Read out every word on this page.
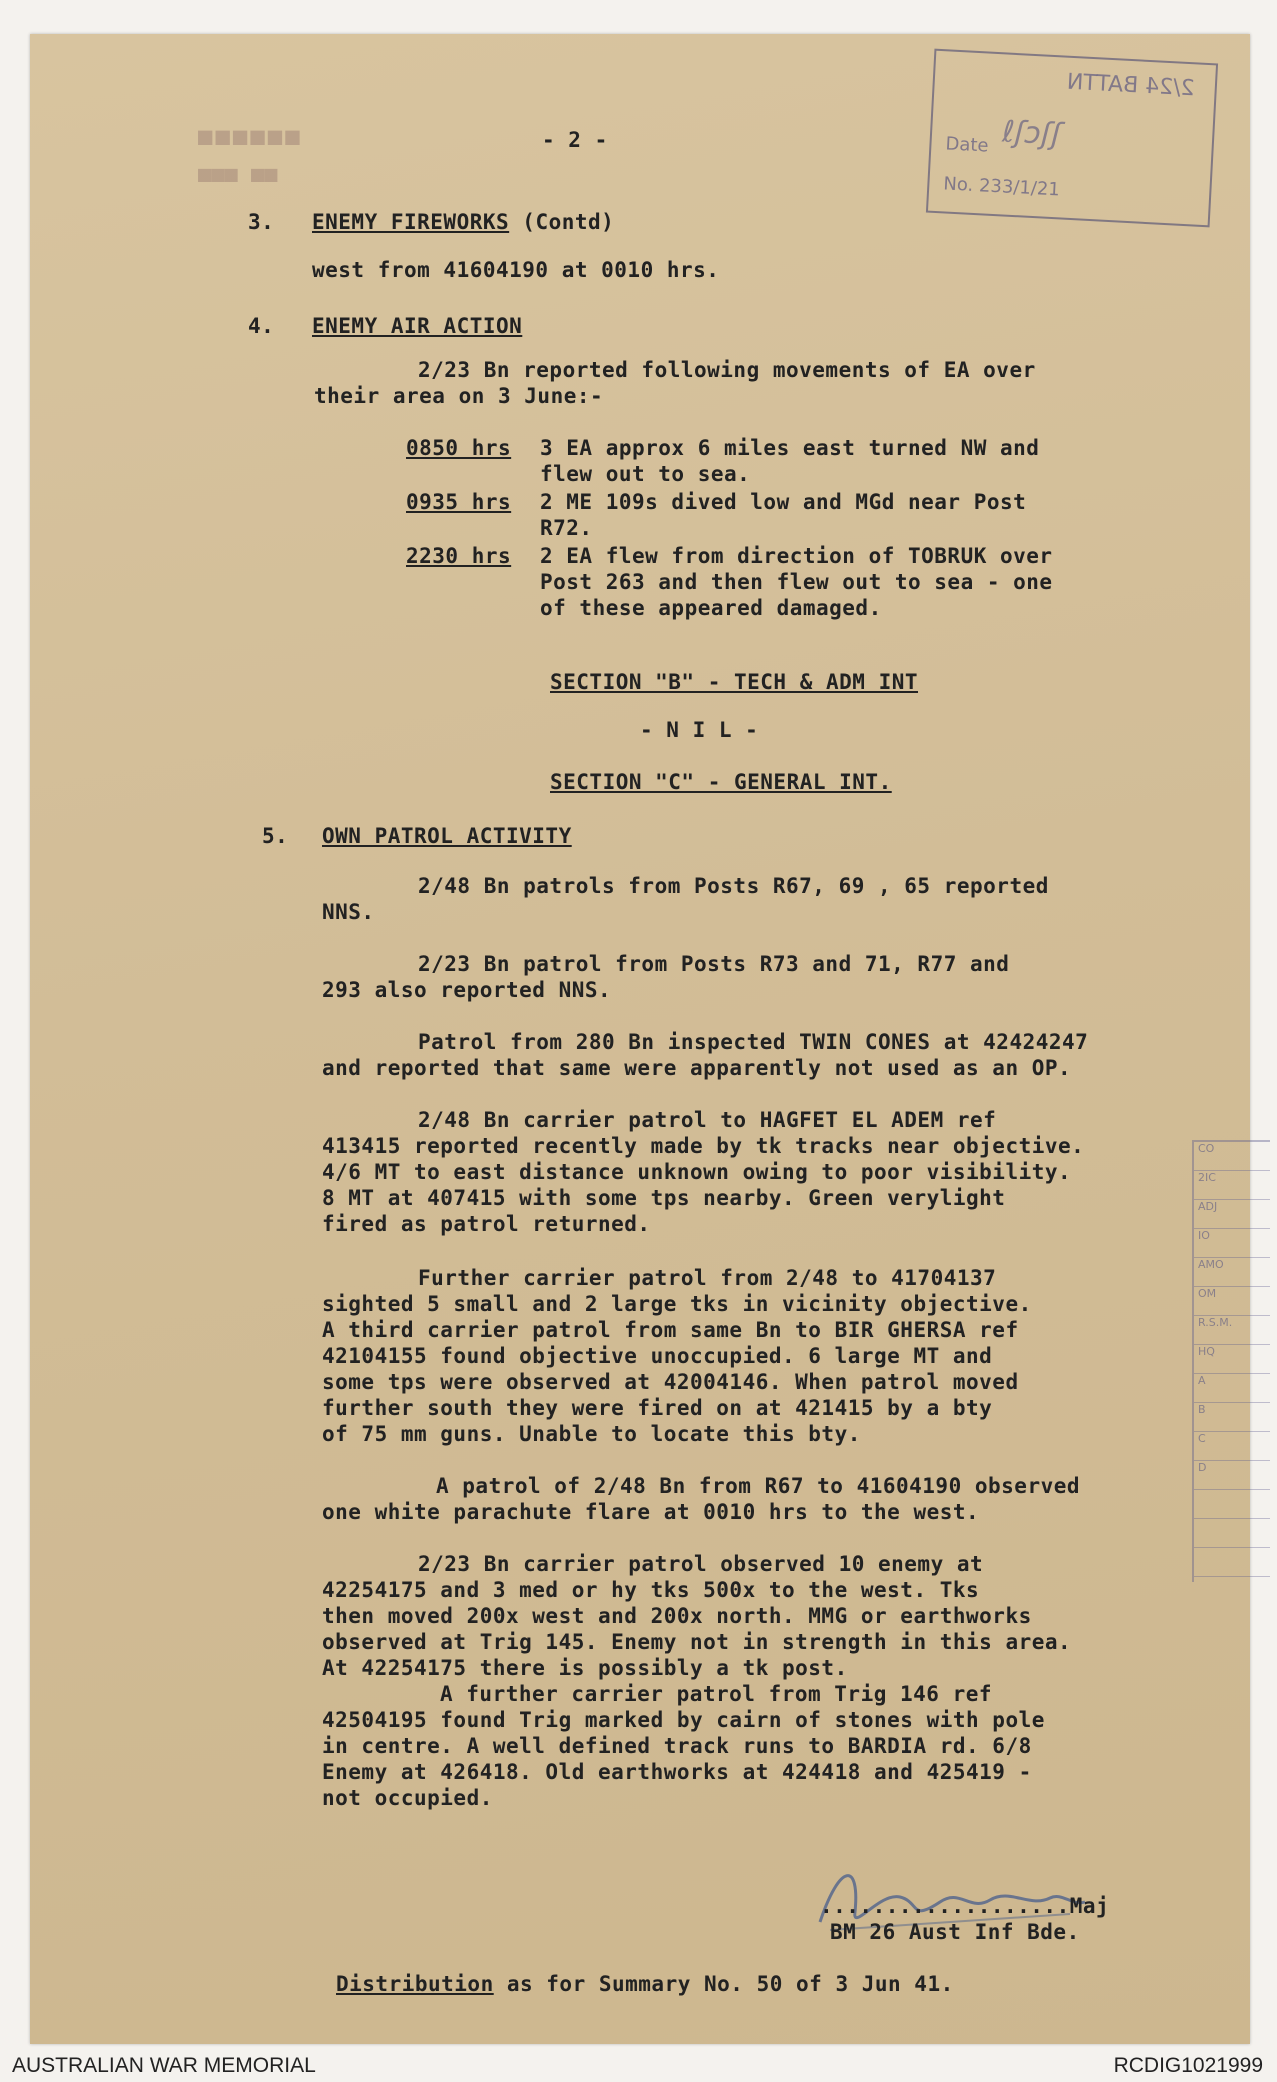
■■■■■■
■■■ ■■
2/24 BATTN
ℓʃɔʃʃ
Date
No. 233/1/21
CO
2IC
ADJ
IO
AMO
OM
R.S.M.
HQ
A
B
C
D
- 2 -
3. ENEMY FIREWORKS (Contd)
west from 41604190 at 0010 hrs.
4. ENEMY AIR ACTION
2/23 Bn reported following movements of EA over
their area on 3 June:-
0850 hrs 3 EA approx 6 miles east turned NW and
flew out to sea.
0935 hrs 2 ME 109s dived low and MGd near Post
R72.
2230 hrs 2 EA flew from direction of TOBRUK over
Post 263 and then flew out to sea - one
of these appeared damaged.
SECTION "B" - TECH & ADM INT
- N I L -
SECTION "C" - GENERAL INT.
5. OWN PATROL ACTIVITY
2/48 Bn patrols from Posts R67, 69 , 65 reported
NNS.
2/23 Bn patrol from Posts R73 and 71, R77 and
293 also reported NNS.
Patrol from 280 Bn inspected TWIN CONES at 42424247
and reported that same were apparently not used as an OP.
2/48 Bn carrier patrol to HAGFET EL ADEM ref
413415 reported recently made by tk tracks near objective.
4/6 MT to east distance unknown owing to poor visibility.
8 MT at 407415 with some tps nearby. Green verylight
fired as patrol returned.
Further carrier patrol from 2/48 to 41704137
sighted 5 small and 2 large tks in vicinity objective.
A third carrier patrol from same Bn to BIR GHERSA ref
42104155 found objective unoccupied. 6 large MT and
some tps were observed at 42004146. When patrol moved
further south they were fired on at 421415 by a bty
of 75 mm guns. Unable to locate this bty.
A patrol of 2/48 Bn from R67 to 41604190 observed
one white parachute flare at 0010 hrs to the west.
2/23 Bn carrier patrol observed 10 enemy at
42254175 and 3 med or hy tks 500x to the west. Tks
then moved 200x west and 200x north. MMG or earthworks
observed at Trig 145. Enemy not in strength in this area.
At 42254175 there is possibly a tk post.
A further carrier patrol from Trig 146 ref
42504195 found Trig marked by cairn of stones with pole
in centre. A well defined track runs to BARDIA rd. 6/8
Enemy at 426418. Old earthworks at 424418 and 425419 -
not occupied.
...................Maj
BM 26 Aust Inf Bde.
Distribution as for Summary No. 50 of 3 Jun 41.
AUSTRALIAN WAR MEMORIAL	RCDIG1021999
